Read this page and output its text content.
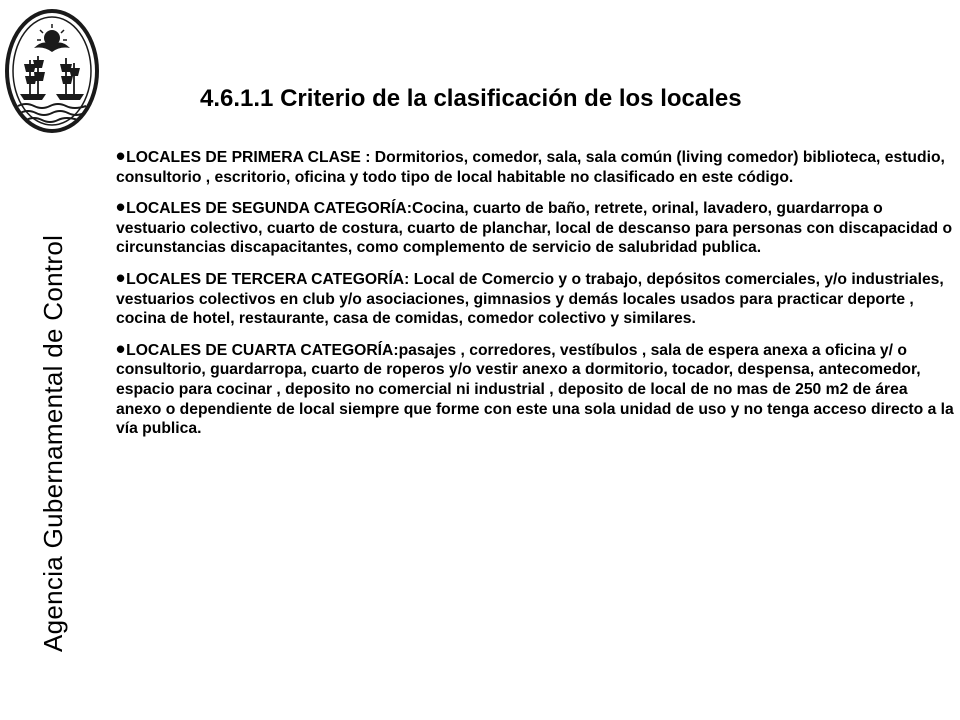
Agencia Gubernamental de Control
4.6.1.1 Criterio de la clasificación de los locales

•LOCALES DE PRIMERA CLASE : Dormitorios, comedor, sala, sala común (living comedor) biblioteca, estudio, consultorio , escritorio, oficina y todo tipo de local habitable no clasificado en este código.

•LOCALES DE SEGUNDA CATEGORÍA:Cocina, cuarto de baño, retrete, orinal, lavadero, guardarropa o vestuario colectivo, cuarto de costura, cuarto de planchar, local de descanso para personas con discapacidad o circunstancias discapacitantes, como complemento de servicio de salubridad publica.

•LOCALES DE TERCERA CATEGORÍA: Local de Comercio y o trabajo, depósitos comerciales, y/o industriales, vestuarios colectivos en club y/o asociaciones, gimnasios y demás locales usados para practicar deporte , cocina de hotel, restaurante, casa de comidas, comedor colectivo y similares.

•LOCALES DE CUARTA CATEGORÍA:pasajes , corredores, vestíbulos , sala de espera anexa a oficina y/ o consultorio, guardarropa, cuarto de roperos y/o vestir anexo a dormitorio, tocador, despensa, antecomedor, espacio para cocinar , deposito no comercial ni industrial , deposito de local de no mas de 250 m2 de área anexo o dependiente de local siempre que forme con este una sola unidad de uso y no tenga acceso directo a la vía publica.
